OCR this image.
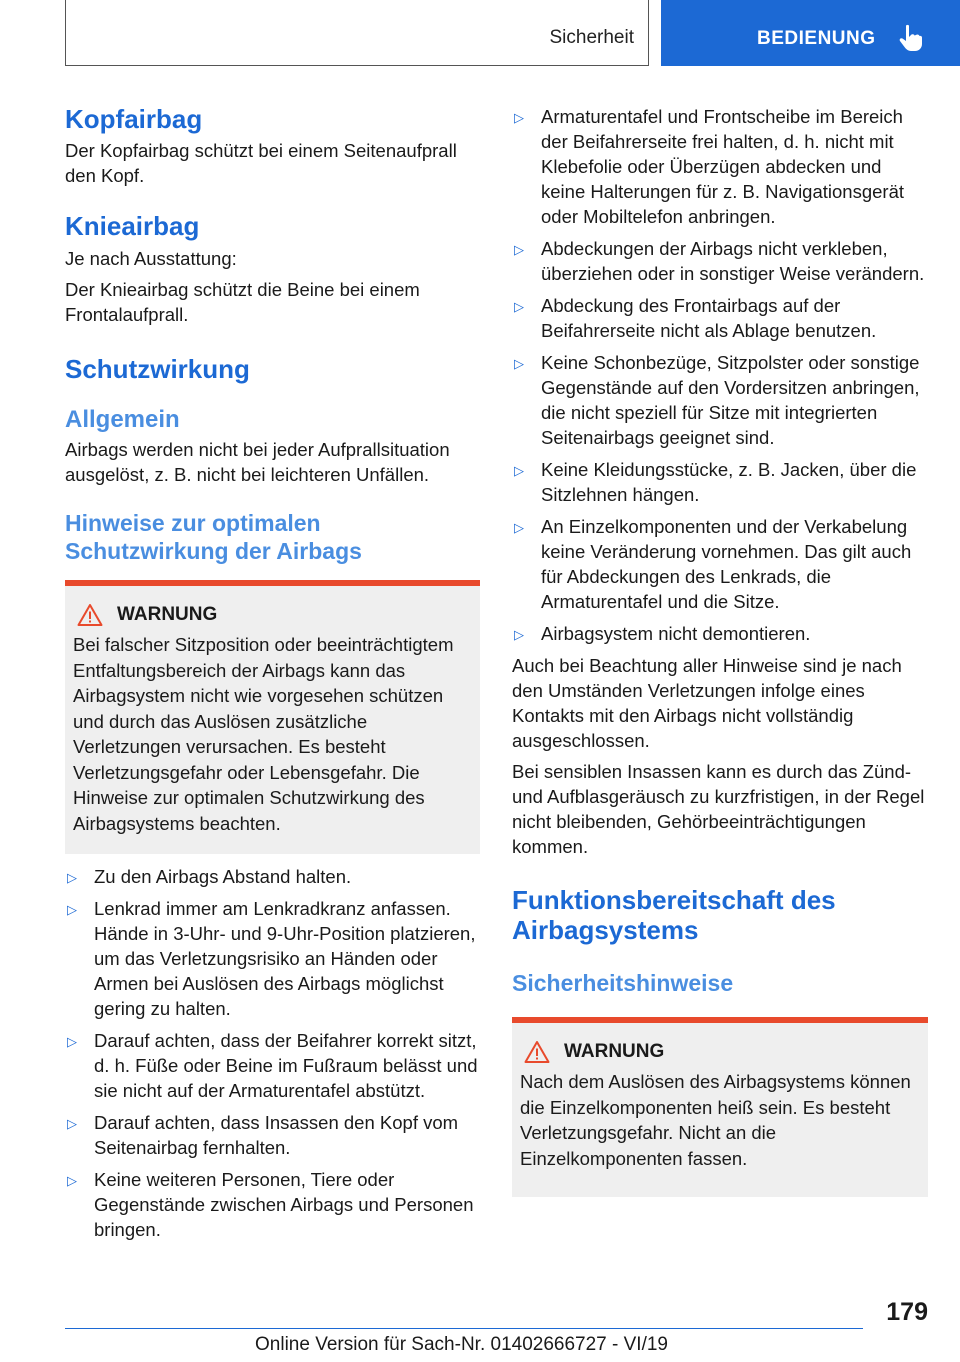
Sicherheit	BEDIENUNG
Kopfairbag

Der Kopfairbag schützt bei einem Seitenaufprall den Kopf.

Knieairbag

Je nach Ausstattung:

Der Knieairbag schützt die Beine bei einem Frontalaufprall.

Schutzwirkung
Allgemein

Airbags werden nicht bei jeder Aufprallsituation ausgelöst, z. B. nicht bei leichteren Unfällen.

Hinweise zur optimalen Schutzwirkung der Airbags
WARNUNG

Bei falscher Sitzposition oder beeinträchtigtem Entfaltungsbereich der Airbags kann das Airbagsystem nicht wie vorgesehen schützen und durch das Auslösen zusätzliche Verletzungen verursachen. Es besteht Verletzungsgefahr oder Lebensgefahr. Die Hinweise zur optimalen Schutzwirkung des Airbagsystems beachten.

▷ Zu den Airbags Abstand halten.
▷ Lenkrad immer am Lenkradkranz anfassen. Hände in 3-Uhr- und 9-Uhr-Position platzieren, um das Verletzungsrisiko an Händen oder Armen bei Auslösen des Airbags möglichst gering zu halten.
▷ Darauf achten, dass der Beifahrer korrekt sitzt, d. h. Füße oder Beine im Fußraum belässt und sie nicht auf der Armaturentafel abstützt.
▷ Darauf achten, dass Insassen den Kopf vom Seitenairbag fernhalten.
▷ Keine weiteren Personen, Tiere oder Gegenstände zwischen Airbags und Personen bringen.
▷ Armaturentafel und Frontscheibe im Bereich der Beifahrerseite frei halten, d. h. nicht mit Klebefolie oder Überzügen abdecken und keine Halterungen für z. B. Navigationsgerät oder Mobiltelefon anbringen.
▷ Abdeckungen der Airbags nicht verkleben, überziehen oder in sonstiger Weise verändern.
▷ Abdeckung des Frontairbags auf der Beifahrerseite nicht als Ablage benutzen.
▷ Keine Schonbezüge, Sitzpolster oder sonstige Gegenstände auf den Vordersitzen anbringen, die nicht speziell für Sitze mit integrierten Seitenairbags geeignet sind.
▷ Keine Kleidungsstücke, z. B. Jacken, über die Sitzlehnen hängen.
▷ An Einzelkomponenten und der Verkabelung keine Veränderung vornehmen. Das gilt auch für Abdeckungen des Lenkrads, die Armaturentafel und die Sitze.
▷ Airbagsystem nicht demontieren.

Auch bei Beachtung aller Hinweise sind je nach den Umständen Verletzungen infolge eines Kontakts mit den Airbags nicht vollständig ausgeschlossen.

Bei sensiblen Insassen kann es durch das Zünd- und Aufblasgeräusch zu kurzfristigen, in der Regel nicht bleibenden, Gehörbeeinträchtigungen kommen.

Funktionsbereitschaft des Airbagsystems
Sicherheitshinweise
WARNUNG

Nach dem Auslösen des Airbagsystems können die Einzelkomponenten heiß sein. Es besteht Verletzungsgefahr. Nicht an die Einzelkomponenten fassen.

179
Online Version für Sach-Nr. 01402666727 - VI/19
